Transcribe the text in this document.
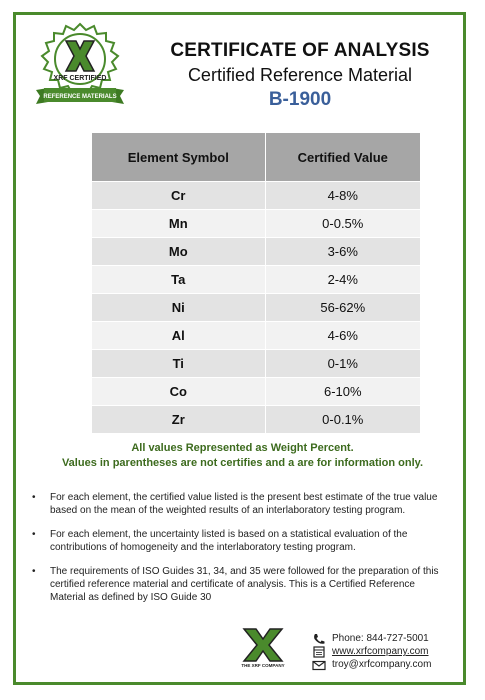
XRF CERTIFIED
REFERENCE MATERIALS
CERTIFICATE OF ANALYSIS
Certified Reference Material
B-1900
Element Symbol	Certified Value
Cr	4-8%
Mn	0-0.5%
Mo	3-6%
Ta	2-4%
Ni	56-62%
Al	4-6%
Ti	0-1%
Co	6-10%
Zr	0-0.1%
All values Represented as Weight Percent.
Values in parentheses are not certifies and a are for information only.
• For each element, the certified value listed is the present best estimate of the true value based on the mean of the weighted results of an interlaboratory testing program.
• For each element, the uncertainty listed is based on a statistical evaluation of the contributions of homogeneity and the interlaboratory testing program.
• The requirements of ISO Guides 31, 34, and 35 were followed for the preparation of this certified reference material and certificate of analysis. This is a Certified Reference Material as defined by ISO Guide 30
THE XRF COMPANY
Phone: 844-727-5001
www.xrfcompany.com
troy@xrfcompany.com
